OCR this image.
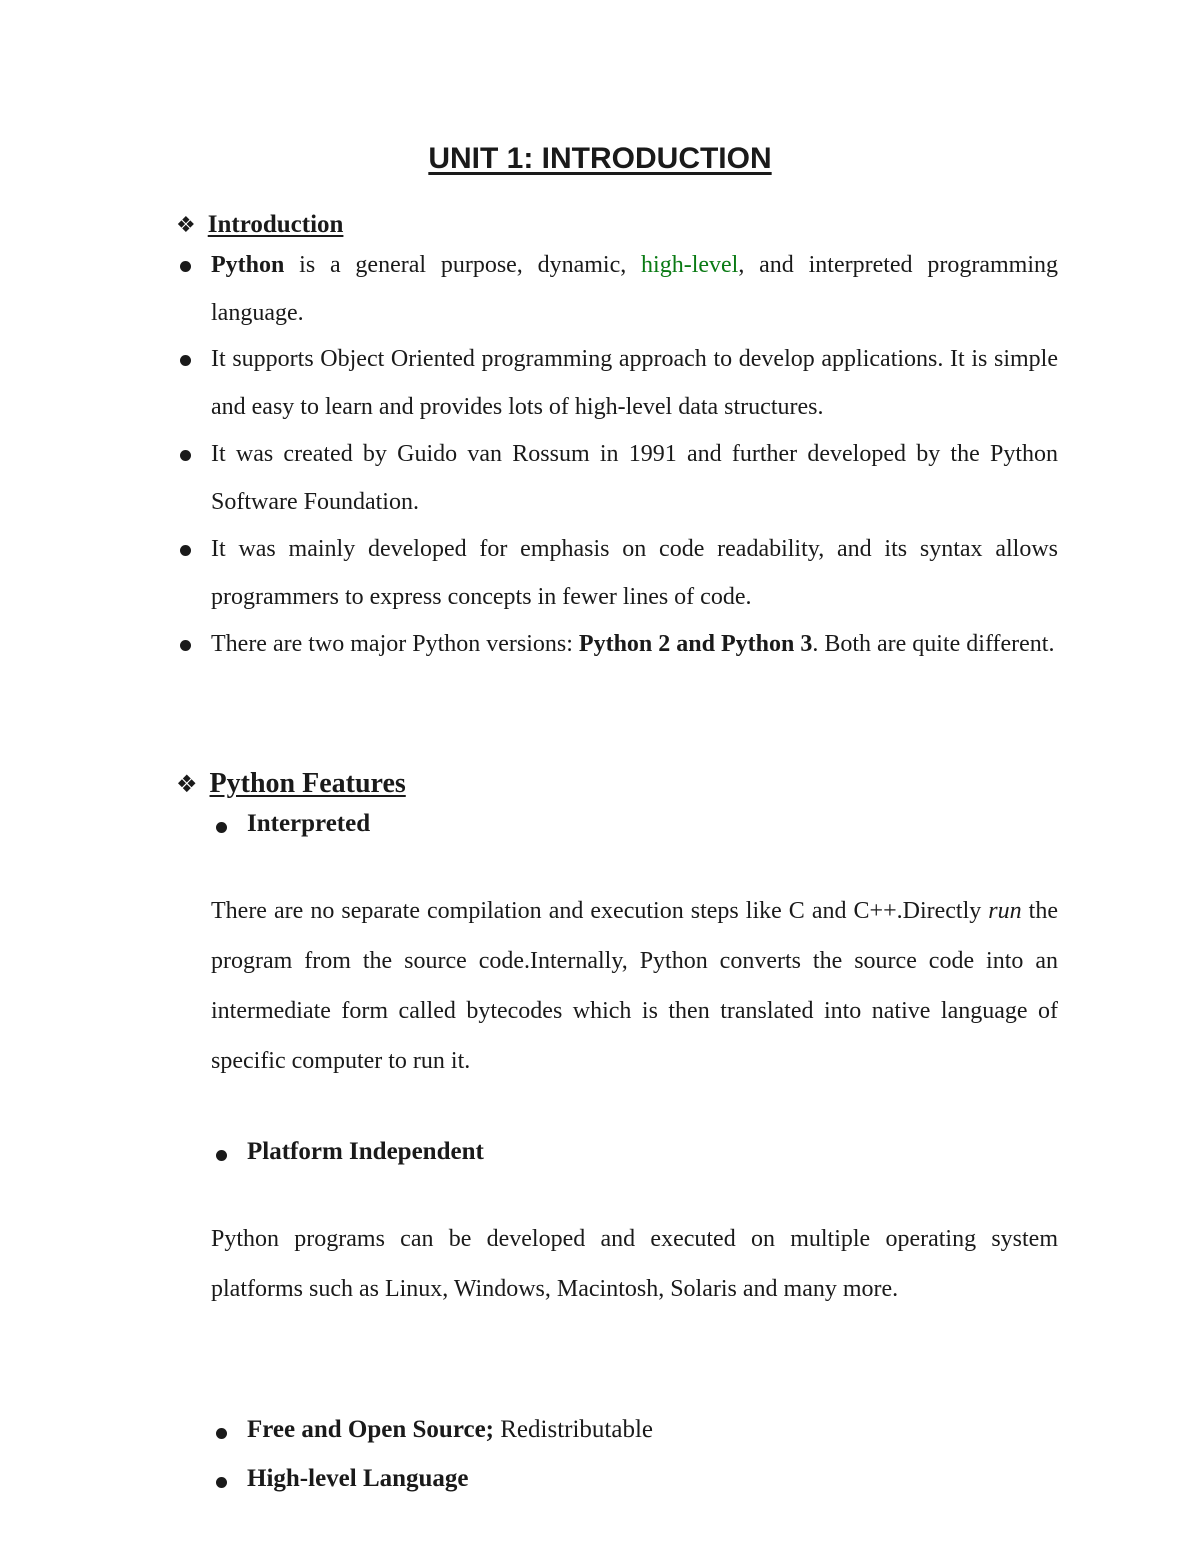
UNIT 1: INTRODUCTION
❖ Introduction
Python is a general purpose, dynamic, high-level, and interpreted programming language.
It supports Object Oriented programming approach to develop applications. It is simple and easy to learn and provides lots of high-level data structures.
It was created by Guido van Rossum in 1991 and further developed by the Python Software Foundation.
It was mainly developed for emphasis on code readability, and its syntax allows programmers to express concepts in fewer lines of code.
There are two major Python versions: Python 2 and Python 3. Both are quite different.
❖ Python Features
Interpreted
There are no separate compilation and execution steps like C and C++.Directly run the program from the source code.Internally, Python converts the source code into an intermediate form called bytecodes which is then translated into native language of specific computer to run it.
Platform Independent
Python programs can be developed and executed on multiple operating system platforms such as Linux, Windows, Macintosh, Solaris and many more.
Free and Open Source; Redistributable
High-level Language
